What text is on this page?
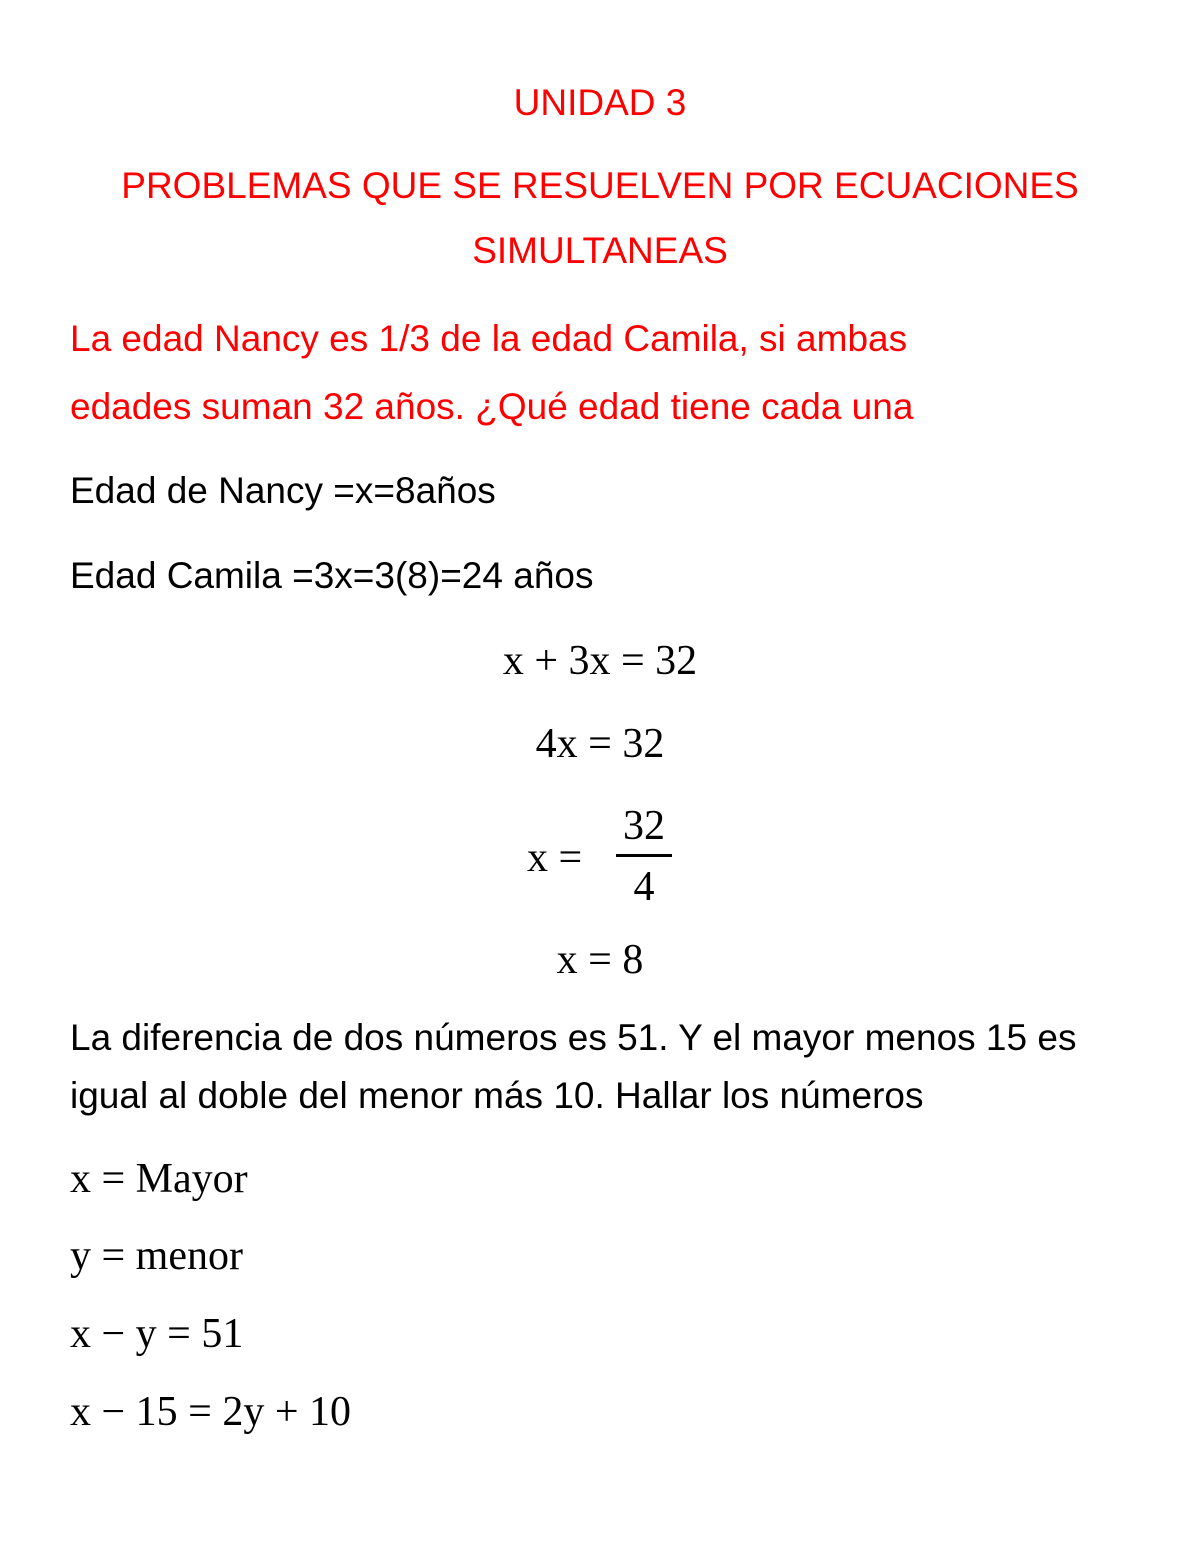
UNIDAD 3
PROBLEMAS QUE SE RESUELVEN POR ECUACIONES
SIMULTANEAS
La edad Nancy es 1/3 de la edad Camila, si ambas
edades suman 32 años. ¿Qué edad tiene cada una
Edad de Nancy =x=8años
Edad Camila =3x=3(8)=24 años
x + 3x = 32
4x = 32
x =
32
4
x = 8
La diferencia de dos números es 51. Y el mayor menos 15 es
igual al doble del menor más 10. Hallar los números
x = Mayor
y = menor
x − y = 51
x − 15 = 2y + 10
